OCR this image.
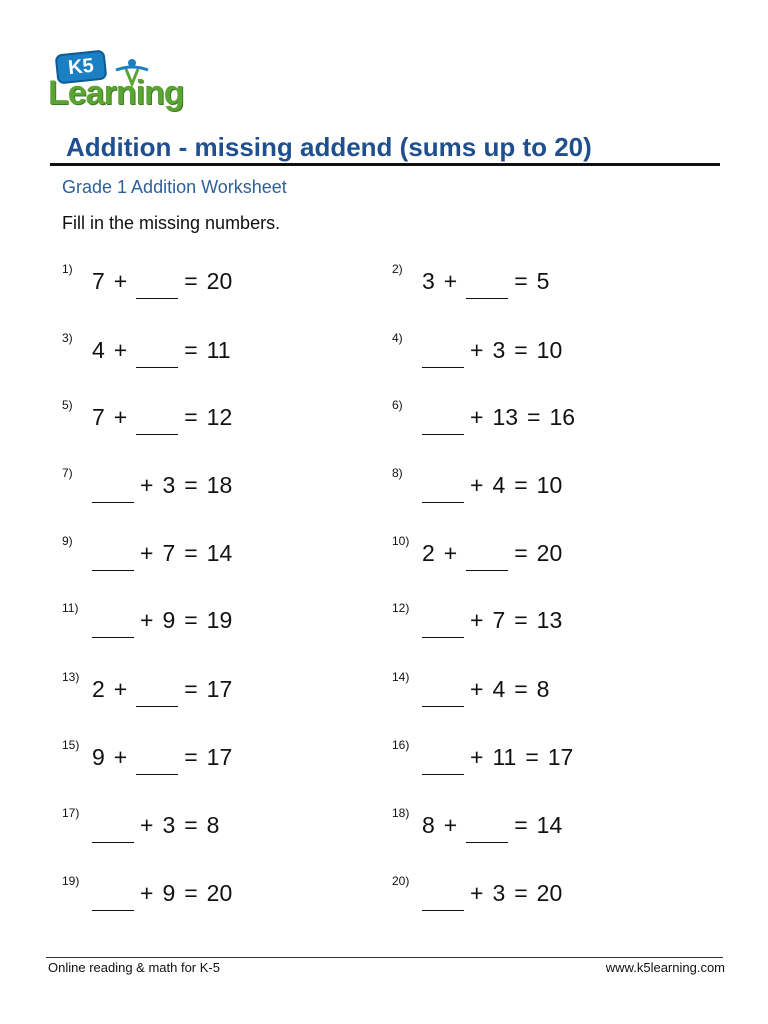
K5
Learning
Addition - missing addend (sums up to 20)
Grade 1 Addition Worksheet
Fill in the missing numbers.
1) 7 + = 20	2) 3 + = 5
3) 4 + = 11	4)	+ 3 = 10
5) 7 + = 12	6)	+ 13 = 16
7)	+ 3 = 18	8)	+ 4 = 10
9)	+ 7 = 14	10) 2 + = 20
11)	+ 9 = 19	12)	+ 7 = 13
13) 2 + = 17	14)	+ 4 = 8
15) 9 + = 17	16)	+ 11 = 17
17)	+ 3 = 8	18) 8 + = 14
19)	+ 9 = 20	20)	+ 3 = 20
Online reading & math for K-5	www.k5learning.com
